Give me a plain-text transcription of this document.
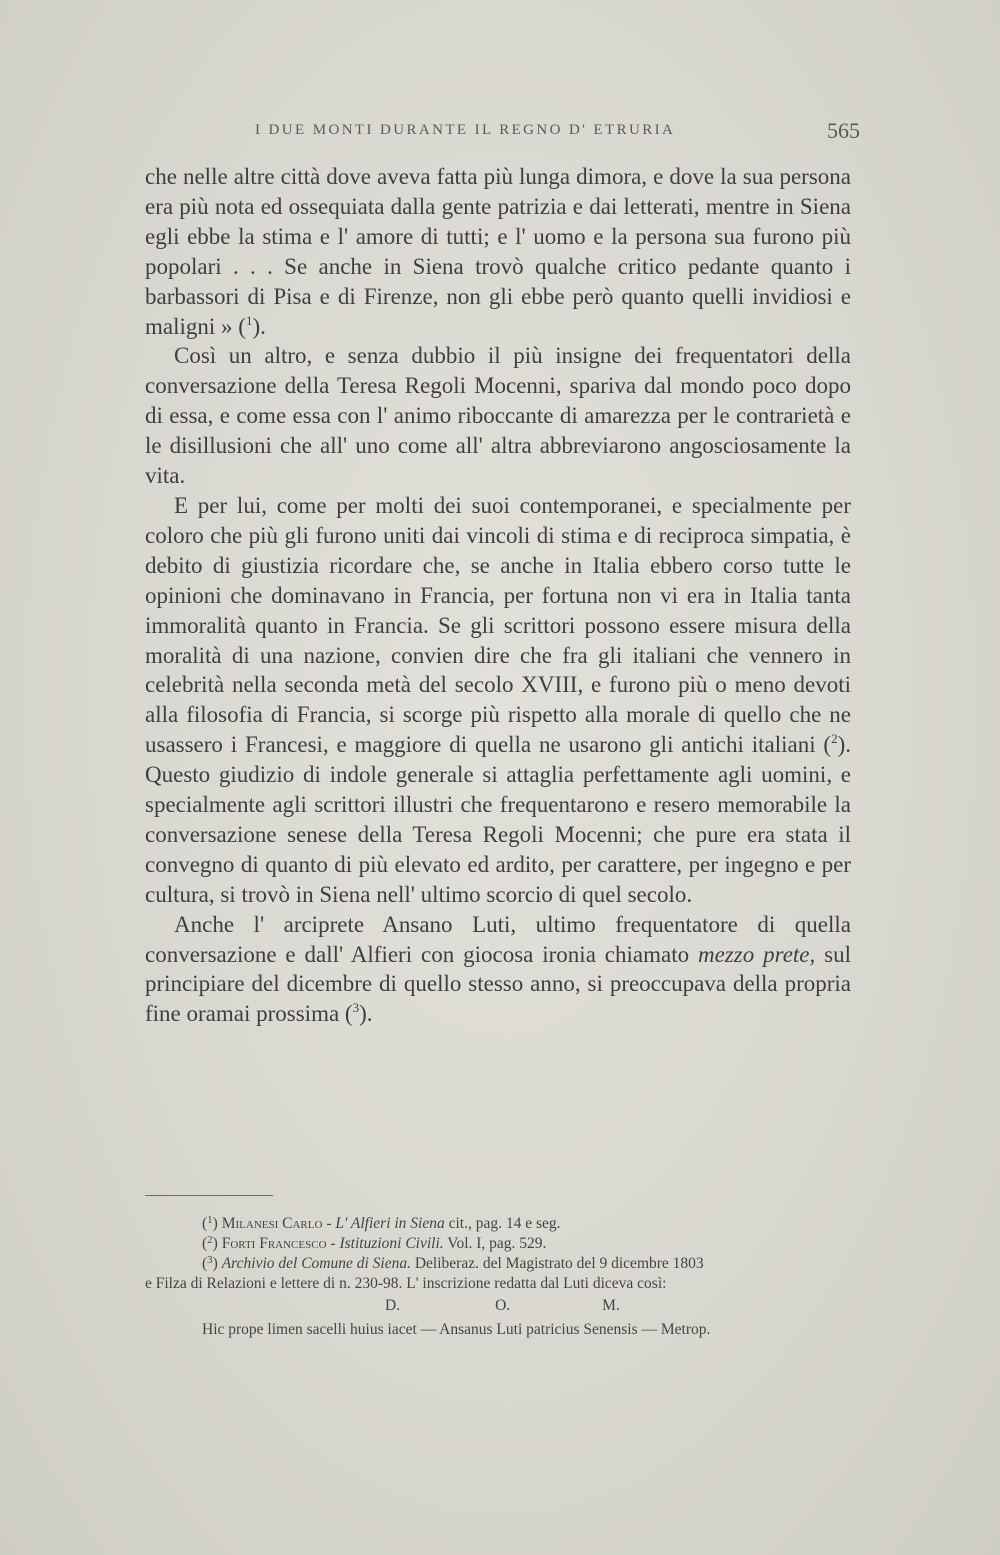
I DUE MONTI DURANTE IL REGNO D' ETRURIA	565

che nelle altre città dove aveva fatta più lunga dimora, e dove la sua persona era più nota ed ossequiata dalla gente patrizia e dai letterati, mentre in Siena egli ebbe la stima e l' amore di tutti; e l' uomo e la persona sua furono più popolari . . . Se anche in Siena trovò qualche critico pedante quanto i barbassori di Pisa e di Firenze, non gli ebbe però quanto quelli invidiosi e maligni » ($^1$).

Così un altro, e senza dubbio il più insigne dei frequentatori della conversazione della Teresa Regoli Mocenni, spariva dal mondo poco dopo di essa, e come essa con l' animo riboccante di amarezza per le contrarietà e le disillusioni che all' uno come all' altra abbreviarono angosciosamente la vita.

E per lui, come per molti dei suoi contemporanei, e specialmente per coloro che più gli furono uniti dai vincoli di stima e di reciproca simpatia, è debito di giustizia ricordare che, se anche in Italia ebbero corso tutte le opinioni che dominavano in Francia, per fortuna non vi era in Italia tanta immoralità quanto in Francia. Se gli scrittori possono essere misura della moralità di una nazione, convien dire che fra gli italiani che vennero in celebrità nella seconda metà del secolo XVIII, e furono più o meno devoti alla filosofia di Francia, si scorge più rispetto alla morale di quello che ne usassero i Francesi, e maggiore di quella ne usarono gli antichi italiani ($^2$). Questo giudizio di indole generale si attaglia perfettamente agli uomini, e specialmente agli scrittori illustri che frequentarono e resero memorabile la conversazione senese della Teresa Regoli Mocenni; che pure era stata il convegno di quanto di più elevato ed ardito, per carattere, per ingegno e per cultura, si trovò in Siena nell' ultimo scorcio di quel secolo.

Anche l' arciprete Ansano Luti, ultimo frequentatore di quella conversazione e dall' Alfieri con giocosa ironia chiamato mezzo prete, sul principiare del dicembre di quello stesso anno, si preoccupava della propria fine oramai prossima ($^3$).

($^1$) Milanesi Carlo - L' Alfieri in Siena cit., pag. 14 e seg.

($^2$) Forti Francesco - Istituzioni Civili. Vol. I, pag. 529.

($^3$) Archivio del Comune di Siena. Deliberaz. del Magistrato del 9 dicembre 1803

e Filza di Relazioni e lettere di n. 230-98. L' inscrizione redatta dal Luti diceva così:

D.	O.	M.

Hic prope limen sacelli huius iacet — Ansanus Luti patricius Senensis — Metrop.
